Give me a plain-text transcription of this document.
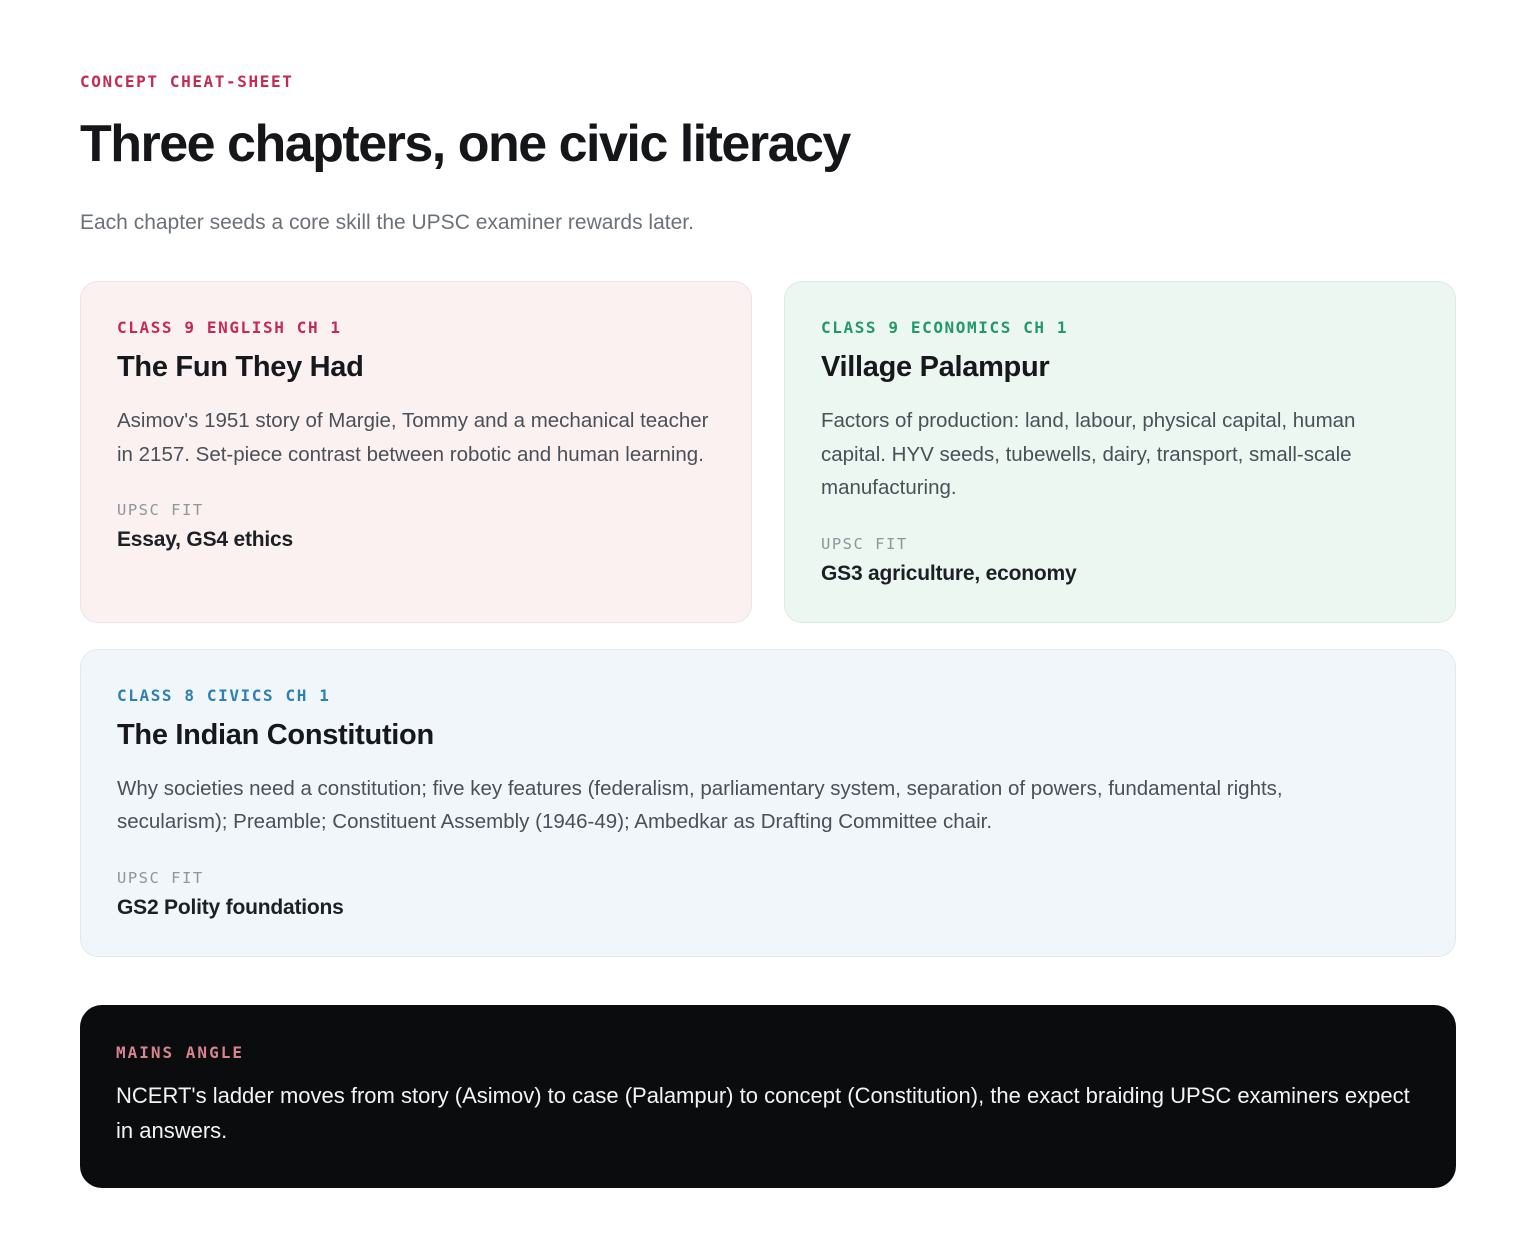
CONCEPT CHEAT-SHEET
Three chapters, one civic literacy
Each chapter seeds a core skill the UPSC examiner rewards later.
CLASS 9 ENGLISH CH 1
The Fun They Had
Asimov's 1951 story of Margie, Tommy and a mechanical teacher in 2157. Set-piece contrast between robotic and human learning.
UPSC FIT
Essay, GS4 ethics
CLASS 9 ECONOMICS CH 1
Village Palampur
Factors of production: land, labour, physical capital, human capital. HYV seeds, tubewells, dairy, transport, small-scale manufacturing.
UPSC FIT
GS3 agriculture, economy
CLASS 8 CIVICS CH 1
The Indian Constitution
Why societies need a constitution; five key features (federalism, parliamentary system, separation of powers, fundamental rights, secularism); Preamble; Constituent Assembly (1946-49); Ambedkar as Drafting Committee chair.
UPSC FIT
GS2 Polity foundations
MAINS ANGLE
NCERT's ladder moves from story (Asimov) to case (Palampur) to concept (Constitution), the exact braiding UPSC examiners expect in answers.
